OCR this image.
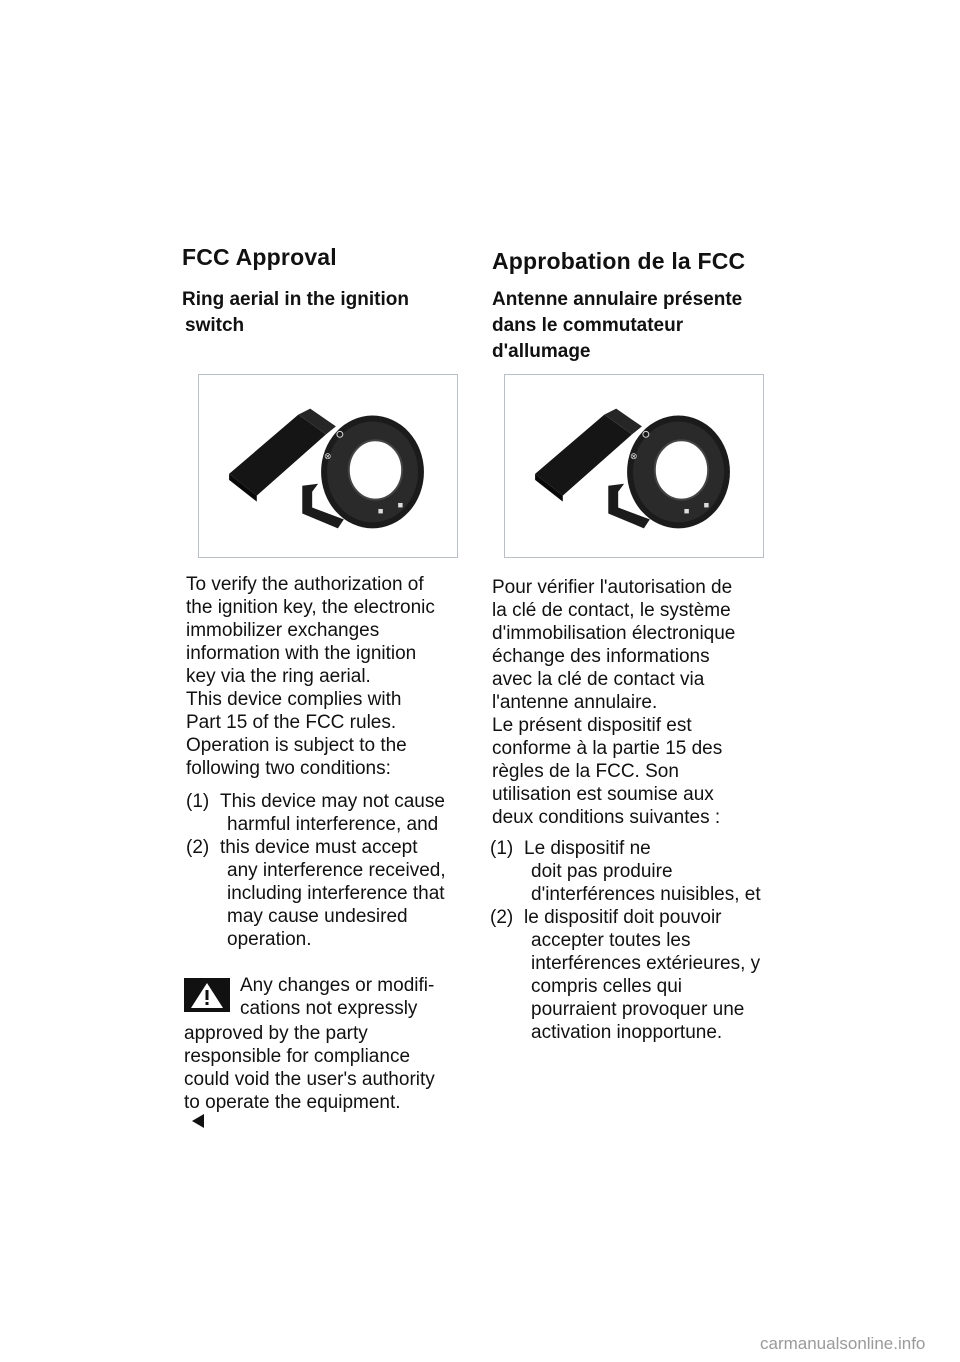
FCC Approval
Ring aerial in the ignition
switch
⊗
▪
▪
To verify the authorization of
the ignition key, the electronic
immobilizer exchanges
information with the ignition
key via the ring aerial.
This device complies with
Part 15 of the FCC rules.
Operation is subject to the
following two conditions:
(1) This device may not cause
harmful interference, and
(2) this device must accept
any interference received,
including interference that
may cause undesired
operation.
Any changes or modifi-
cations not expressly
approved by the party
responsible for compliance
could void the user's authority
to operate the equipment.
Approbation de la FCC
Antenne annulaire présente
dans le commutateur
d'allumage
⊗
▪
▪
Pour vérifier l'autorisation de
la clé de contact, le système
d'immobilisation électronique
échange des informations
avec la clé de contact via
l'antenne annulaire.
Le présent dispositif est
conforme à la partie 15 des
règles de la FCC. Son
utilisation est soumise aux
deux conditions suivantes :
(1) Le dispositif ne
doit pas produire
d'interférences nuisibles, et
(2) le dispositif doit pouvoir
accepter toutes les
interférences extérieures, y
compris celles qui
pourraient provoquer une
activation inopportune.
carmanualsonline.info
